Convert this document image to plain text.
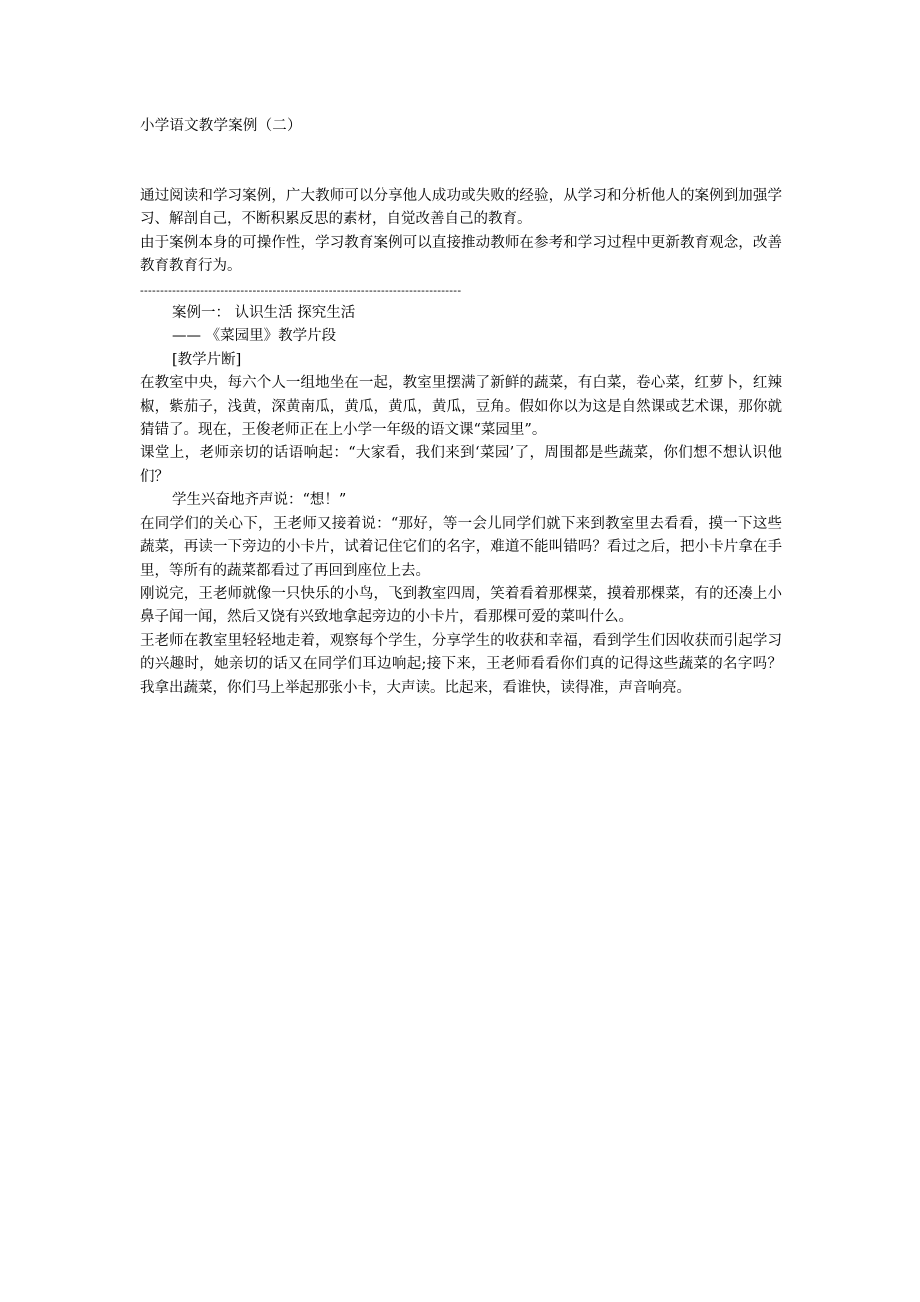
小学语文教学案例（二）

通过阅读和学习案例，广大教师可以分享他人成功或失败的经验，从学习和分析他人的案例到加强学习、解剖自己，不断积累反思的素材，自觉改善自己的教育。

由于案例本身的可操作性，学习教育案例可以直接推动教师在参考和学习过程中更新教育观念，改善教育教育行为。

--------------------------------------------------------------------------------

案例一： 认识生活 探究生活

—— 《菜园里》教学片段

[教学片断]

在教室中央，每六个人一组地坐在一起，教室里摆满了新鲜的蔬菜，有白菜，卷心菜，红萝卜，红辣椒，紫茄子，浅黄，深黄南瓜，黄瓜，黄瓜，黄瓜，豆角。假如你以为这是自然课或艺术课，那你就猜错了。现在，王俊老师正在上小学一年级的语文课“菜园里”。

课堂上，老师亲切的话语响起：“大家看，我们来到‘菜园’了，周围都是些蔬菜，你们想不想认识他们？

学生兴奋地齐声说：“想！”

在同学们的关心下，王老师又接着说：“那好，等一会儿同学们就下来到教室里去看看，摸一下这些蔬菜，再读一下旁边的小卡片，试着记住它们的名字，难道不能叫错吗？看过之后，把小卡片拿在手里，等所有的蔬菜都看过了再回到座位上去。

刚说完，王老师就像一只快乐的小鸟，飞到教室四周，笑着看着那棵菜，摸着那棵菜，有的还凑上小鼻子闻一闻，然后又饶有兴致地拿起旁边的小卡片，看那棵可爱的菜叫什么。

王老师在教室里轻轻地走着，观察每个学生，分享学生的收获和幸福，看到学生们因收获而引起学习的兴趣时，她亲切的话又在同学们耳边响起;接下来，王老师看看你们真的记得这些蔬菜的名字吗？我拿出蔬菜，你们马上举起那张小卡，大声读。比起来，看谁快，读得准，声音响亮。
